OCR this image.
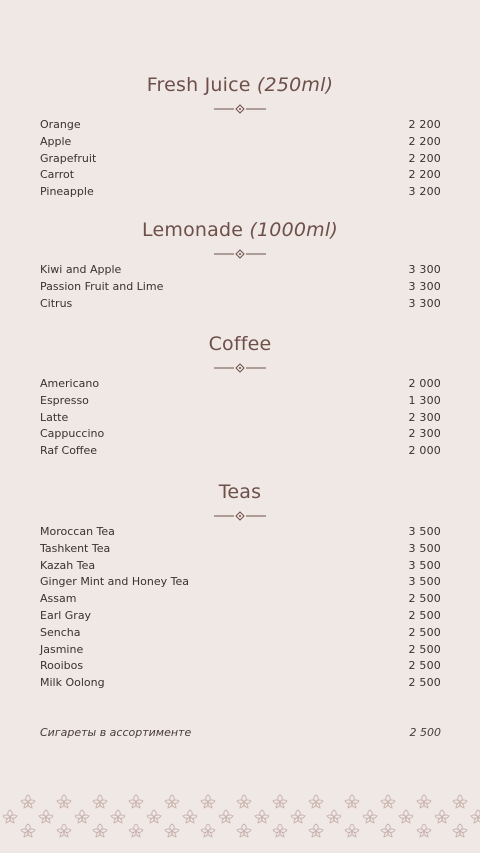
Fresh Juice (250ml)
Orange	2 200
Apple	2 200
Grapefruit	2 200
Carrot	2 200
Pineapple	3 200
Lemonade (1000ml)
Kiwi and Apple	3 300
Passion Fruit and Lime	3 300
Citrus	3 300
Coffee
Americano	2 000
Espresso	1 300
Latte	2 300
Cappuccino	2 300
Raf Coffee	2 000
Teas
Moroccan Tea	3 500
Tashkent Tea	3 500
Kazah Tea	3 500
Ginger Mint and Honey Tea	3 500
Assam	2 500
Earl Gray	2 500
Sencha	2 500
Jasmine	2 500
Rooibos	2 500
Milk Oolong	2 500
Сигареты в ассортименте	2 500
